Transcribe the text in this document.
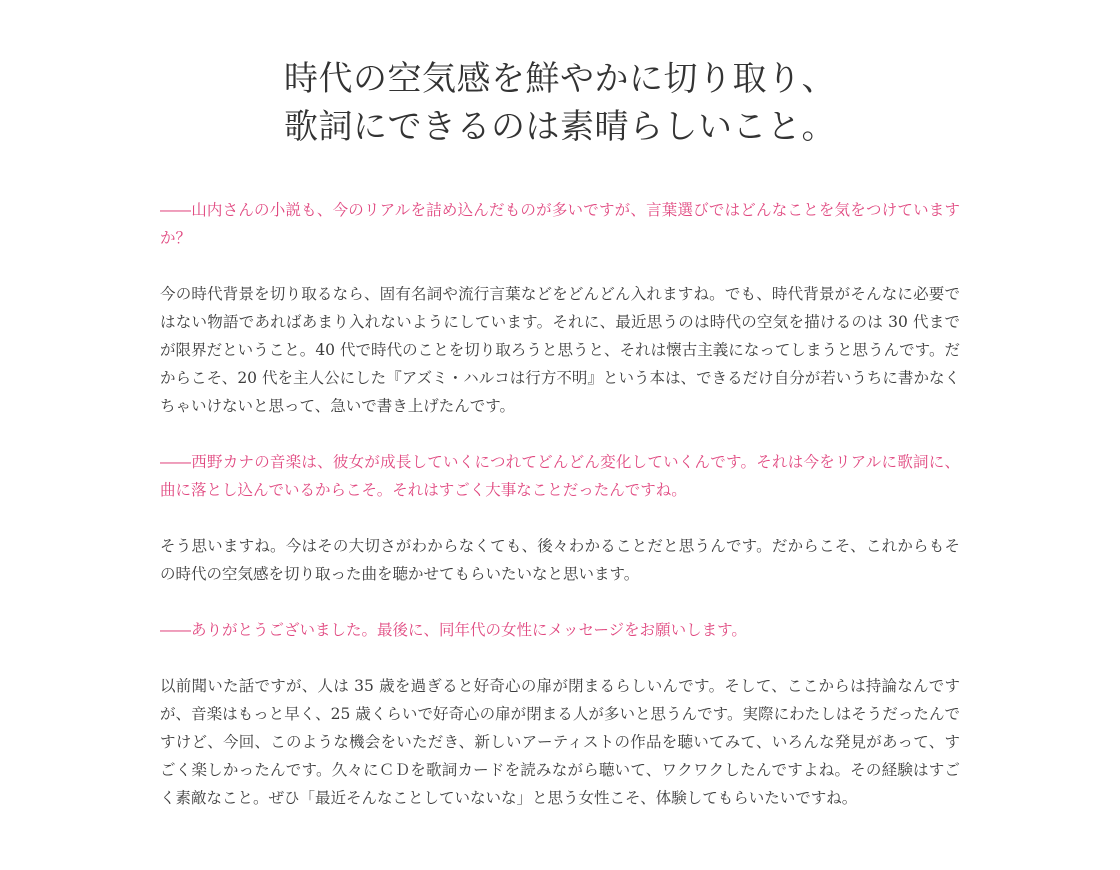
時代の空気感を鮮やかに切り取り、
歌詞にできるのは素晴らしいこと。

――山内さんの小説も、今のリアルを詰め込んだものが多いですが、言葉選びではどんなことを気をつけていますか？

今の時代背景を切り取るなら、固有名詞や流行言葉などをどんどん入れますね。でも、時代背景がそんなに必要ではない物語であればあまり入れないようにしています。それに、最近思うのは時代の空気を描けるのは 30 代までが限界だということ。40 代で時代のことを切り取ろうと思うと、それは懐古主義になってしまうと思うんです。だからこそ、20 代を主人公にした『アズミ・ハルコは行方不明』という本は、できるだけ自分が若いうちに書かなくちゃいけないと思って、急いで書き上げたんです。

――西野カナの音楽は、彼女が成長していくにつれてどんどん変化していくんです。それは今をリアルに歌詞に、曲に落とし込んでいるからこそ。それはすごく大事なことだったんですね。

そう思いますね。今はその大切さがわからなくても、後々わかることだと思うんです。だからこそ、これからもその時代の空気感を切り取った曲を聴かせてもらいたいなと思います。

――ありがとうございました。最後に、同年代の女性にメッセージをお願いします。

以前聞いた話ですが、人は 35 歳を過ぎると好奇心の扉が閉まるらしいんです。そして、ここからは持論なんですが、音楽はもっと早く、25 歳くらいで好奇心の扉が閉まる人が多いと思うんです。実際にわたしはそうだったんですけど、今回、このような機会をいただき、新しいアーティストの作品を聴いてみて、いろんな発見があって、すごく楽しかったんです。久々にＣＤを歌詞カードを読みながら聴いて、ワクワクしたんですよね。その経験はすごく素敵なこと。ぜひ「最近そんなことしていないな」と思う女性こそ、体験してもらいたいですね。
